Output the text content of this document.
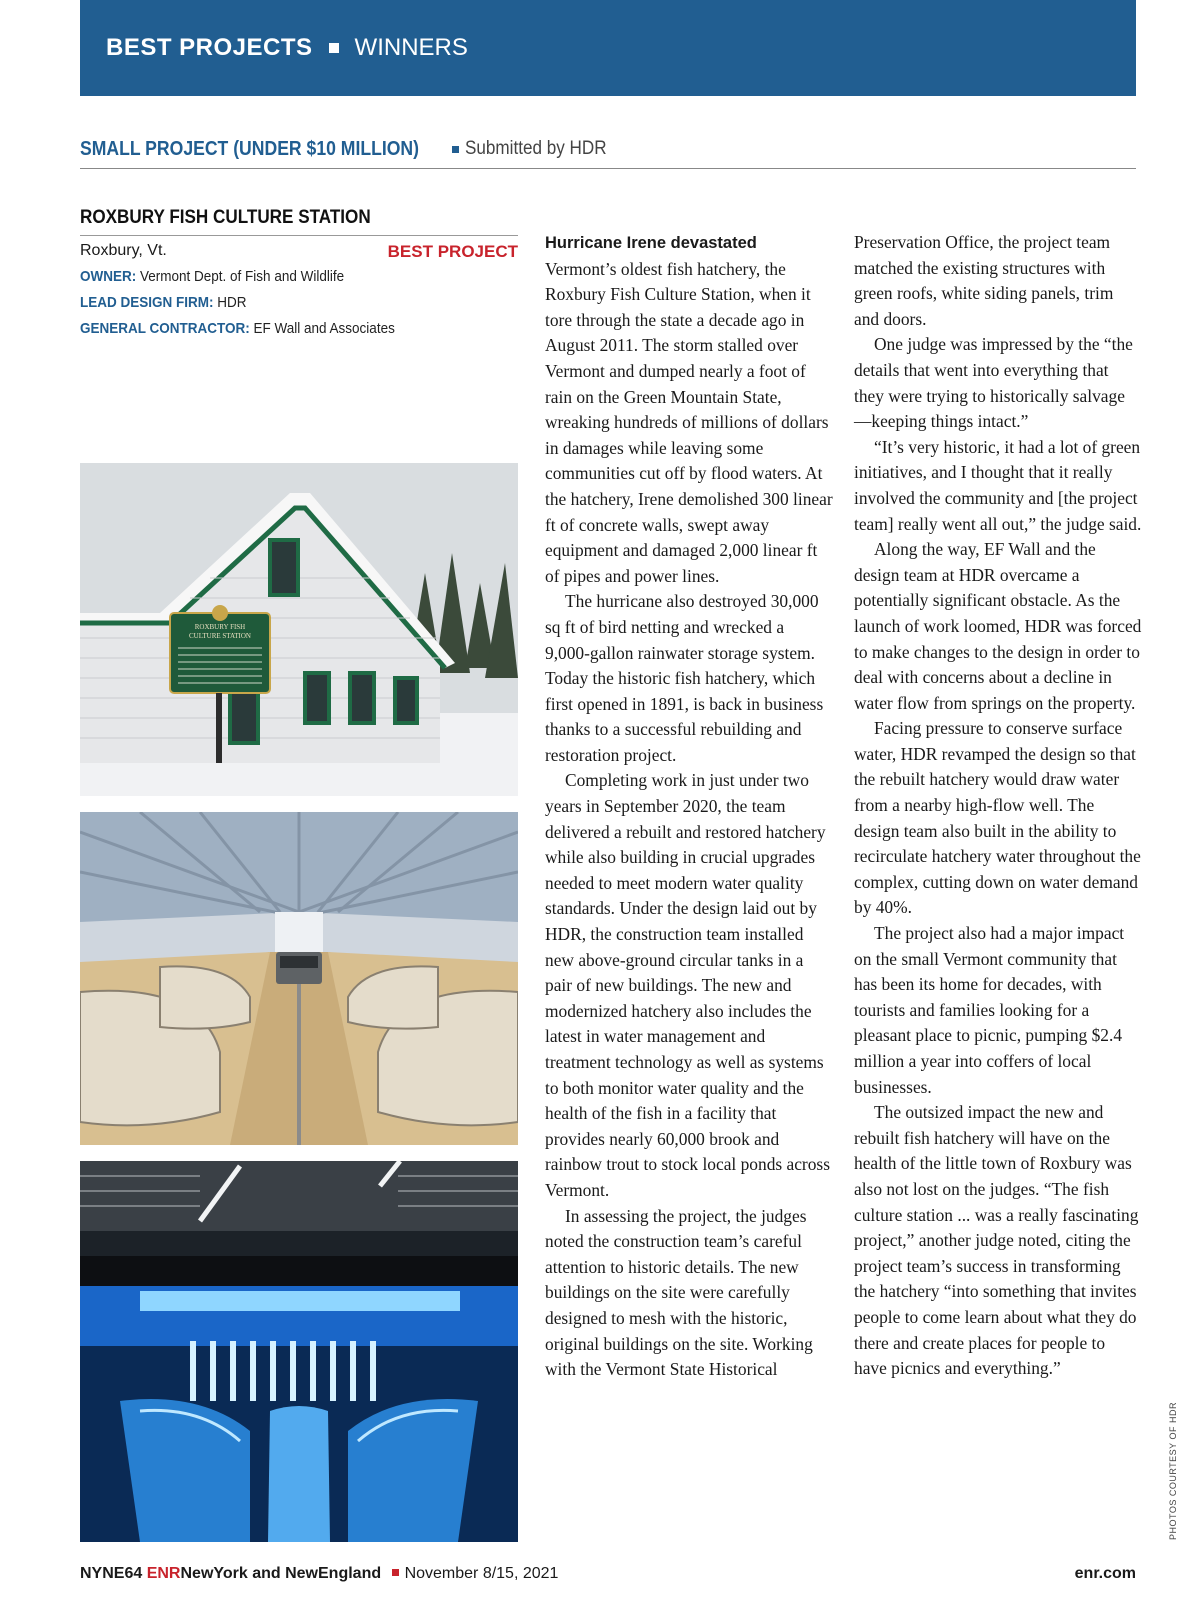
BEST PROJECTS WINNERS
SMALL PROJECT (UNDER $10 MILLION)	Submitted by HDR
ROXBURY FISH CULTURE STATION
Roxbury, Vt.	BEST PROJECT
OWNER: Vermont Dept. of Fish and Wildlife
LEAD DESIGN FIRM: HDR
GENERAL CONTRACTOR: EF Wall and Associates
ROXBURY FISH
CULTURE STATION

Hurricane Irene devastated
Vermont’s oldest fish hatchery, the Roxbury Fish Culture Station, when it tore through the state a decade ago in August 2011. The storm stalled over Vermont and dumped nearly a foot of rain on the Green Mountain State, wreaking hundreds of millions of dollars in damages while leaving some communities cut off by flood waters. At the hatchery, Irene demolished 300 linear ft of concrete walls, swept away equipment and damaged 2,000 linear ft of pipes and power lines.

The hurricane also destroyed 30,000 sq ft of bird netting and wrecked a 9,000-gallon rainwater storage system. Today the historic fish hatchery, which first opened in 1891, is back in business thanks to a successful rebuilding and restoration project.

Completing work in just under two years in September 2020, the team delivered a rebuilt and restored hatchery while also building in crucial upgrades needed to meet modern water quality standards. Under the design laid out by HDR, the construction team installed new above-ground circular tanks in a pair of new buildings. The new and modernized hatchery also includes the latest in water management and treatment technology as well as systems to both monitor water quality and the health of the fish in a facility that provides nearly 60,000 brook and rainbow trout to stock local ponds across Vermont.

In assessing the project, the judges noted the construction team’s careful attention to historic details. The new buildings on the site were carefully designed to mesh with the historic, original buildings on the site. Working with the Vermont State Historical

Preservation Office, the project team matched the existing structures with green roofs, white siding panels, trim and doors.

One judge was impressed by the “the details that went into everything that they were trying to historically salvage—keeping things intact.”

“It’s very historic, it had a lot of green initiatives, and I thought that it really involved the community and [the project team] really went all out,” the judge said.

Along the way, EF Wall and the design team at HDR overcame a potentially significant obstacle. As the launch of work loomed, HDR was forced to make changes to the design in order to deal with concerns about a decline in water flow from springs on the property.

Facing pressure to conserve surface water, HDR revamped the design so that the rebuilt hatchery would draw water from a nearby high-flow well. The design team also built in the ability to recirculate hatchery water throughout the complex, cutting down on water demand by 40%.

The project also had a major impact on the small Vermont community that has been its home for decades, with tourists and families looking for a pleasant place to picnic, pumping $2.4 million a year into coffers of local businesses.

The outsized impact the new and rebuilt fish hatchery will have on the health of the little town of Roxbury was also not lost on the judges. “The fish culture station ... was a really fascinating project,” another judge noted, citing the project team’s success in transforming the hatchery “into something that invites people to come learn about what they do there and create places for people to have picnics and everything.”

PHOTOS COURTESY OF HDR
NYNE64 ENRNewYork and NewEngland November 8/15, 2021	enr.com
